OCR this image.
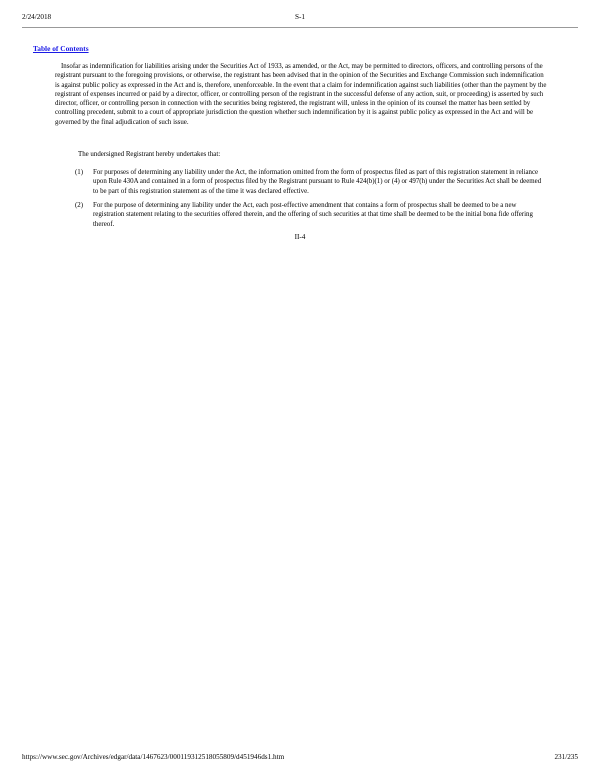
2/24/2018	S-1
Table of Contents
Insofar as indemnification for liabilities arising under the Securities Act of 1933, as amended, or the Act, may be permitted to directors, officers, and controlling persons of the registrant pursuant to the foregoing provisions, or otherwise, the registrant has been advised that in the opinion of the Securities and Exchange Commission such indemnification is against public policy as expressed in the Act and is, therefore, unenforceable. In the event that a claim for indemnification against such liabilities (other than the payment by the registrant of expenses incurred or paid by a director, officer, or controlling person of the registrant in the successful defense of any action, suit, or proceeding) is asserted by such director, officer, or controlling person in connection with the securities being registered, the registrant will, unless in the opinion of its counsel the matter has been settled by controlling precedent, submit to a court of appropriate jurisdiction the question whether such indemnification by it is against public policy as expressed in the Act and will be governed by the final adjudication of such issue.
The undersigned Registrant hereby undertakes that:
(1) For purposes of determining any liability under the Act, the information omitted from the form of prospectus filed as part of this registration statement in reliance upon Rule 430A and contained in a form of prospectus filed by the Registrant pursuant to Rule 424(b)(1) or (4) or 497(h) under the Securities Act shall be deemed to be part of this registration statement as of the time it was declared effective.
(2) For the purpose of determining any liability under the Act, each post-effective amendment that contains a form of prospectus shall be deemed to be a new registration statement relating to the securities offered therein, and the offering of such securities at that time shall be deemed to be the initial bona fide offering thereof.
II-4
https://www.sec.gov/Archives/edgar/data/1467623/000119312518055809/d451946ds1.htm	231/235
